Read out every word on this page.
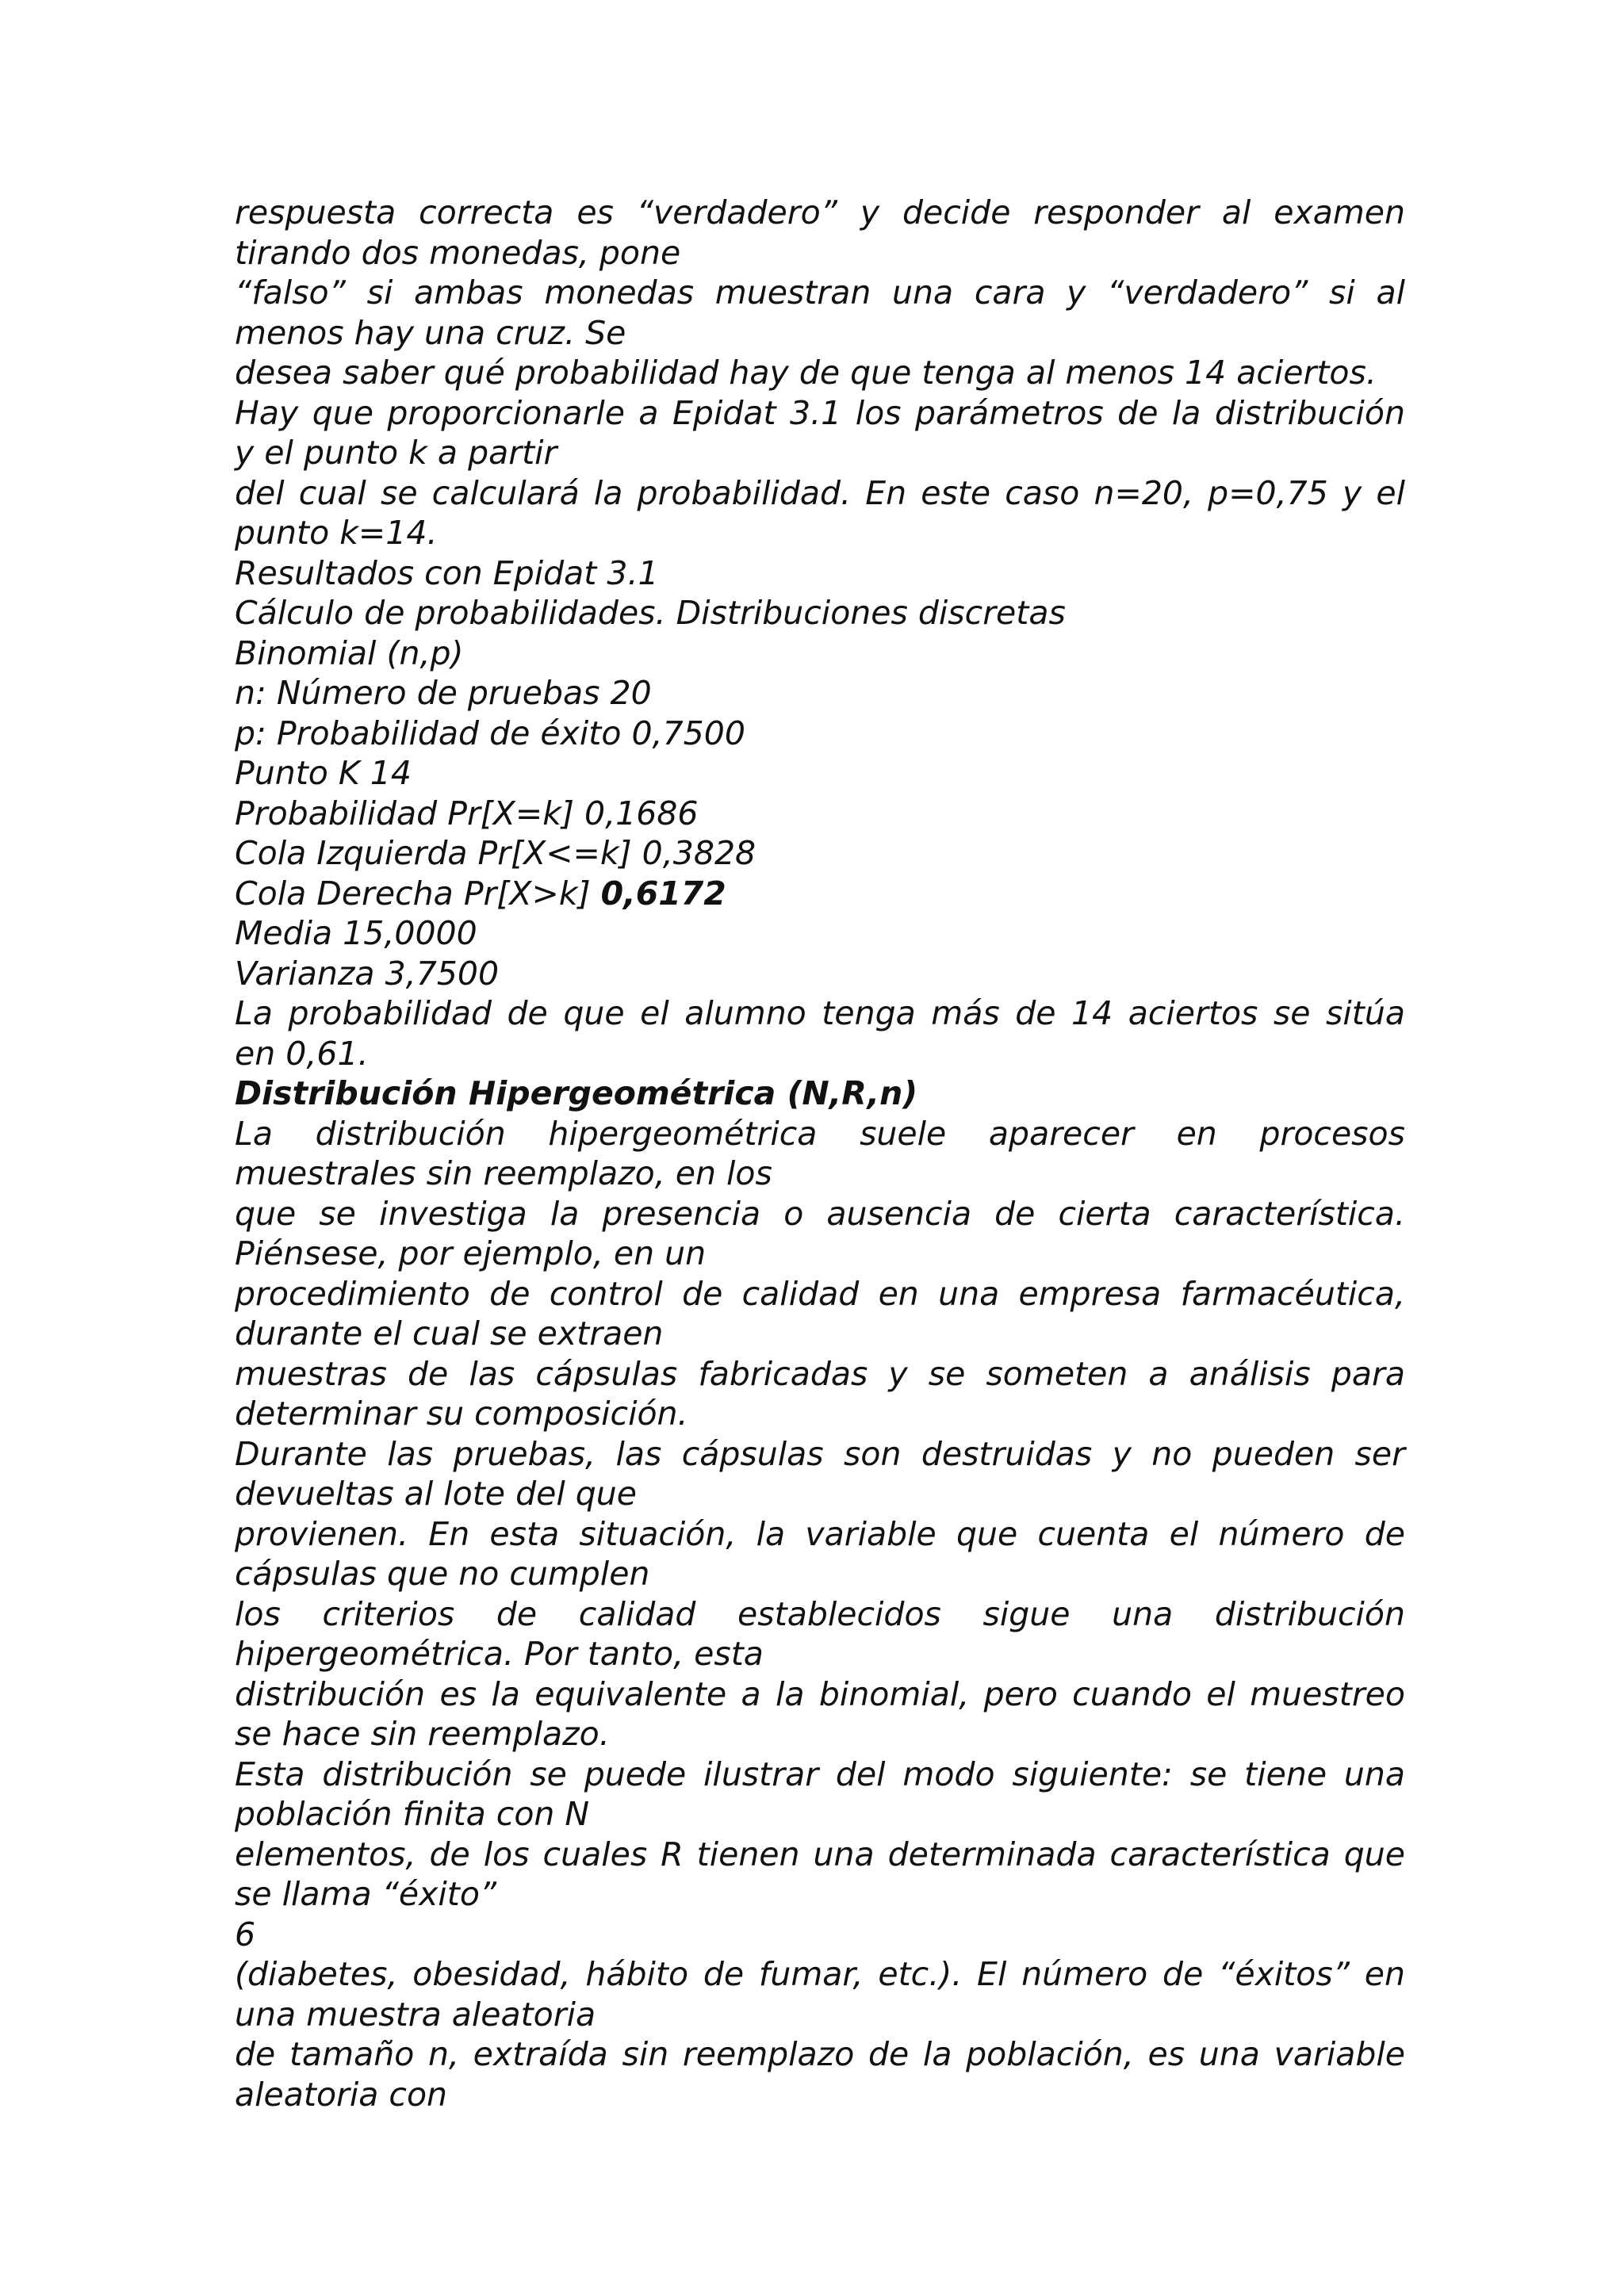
respuesta correcta es “verdadero” y decide responder al examen
tirando dos monedas, pone
“falso” si ambas monedas muestran una cara y “verdadero” si al
menos hay una cruz. Se
desea saber qué probabilidad hay de que tenga al menos 14 aciertos.
Hay que proporcionarle a Epidat 3.1 los parámetros de la distribución
y el punto k a partir
del cual se calculará la probabilidad. En este caso n=20, p=0,75 y el
punto k=14.
Resultados con Epidat 3.1
Cálculo de probabilidades. Distribuciones discretas
Binomial (n,p)
n: Número de pruebas 20
p: Probabilidad de éxito 0,7500
Punto K 14
Probabilidad Pr[X=k] 0,1686
Cola Izquierda Pr[X<=k] 0,3828
Cola Derecha Pr[X>k] 0,6172
Media 15,0000
Varianza 3,7500
La probabilidad de que el alumno tenga más de 14 aciertos se sitúa
en 0,61.
Distribución Hipergeométrica (N,R,n)
La distribución hipergeométrica suele aparecer en procesos
muestrales sin reemplazo, en los
que se investiga la presencia o ausencia de cierta característica.
Piénsese, por ejemplo, en un
procedimiento de control de calidad en una empresa farmacéutica,
durante el cual se extraen
muestras de las cápsulas fabricadas y se someten a análisis para
determinar su composición.
Durante las pruebas, las cápsulas son destruidas y no pueden ser
devueltas al lote del que
provienen. En esta situación, la variable que cuenta el número de
cápsulas que no cumplen
los criterios de calidad establecidos sigue una distribución
hipergeométrica. Por tanto, esta
distribución es la equivalente a la binomial, pero cuando el muestreo
se hace sin reemplazo.
Esta distribución se puede ilustrar del modo siguiente: se tiene una
población finita con N
elementos, de los cuales R tienen una determinada característica que
se llama “éxito”
6
(diabetes, obesidad, hábito de fumar, etc.). El número de “éxitos” en
una muestra aleatoria
de tamaño n, extraída sin reemplazo de la población, es una variable
aleatoria con
